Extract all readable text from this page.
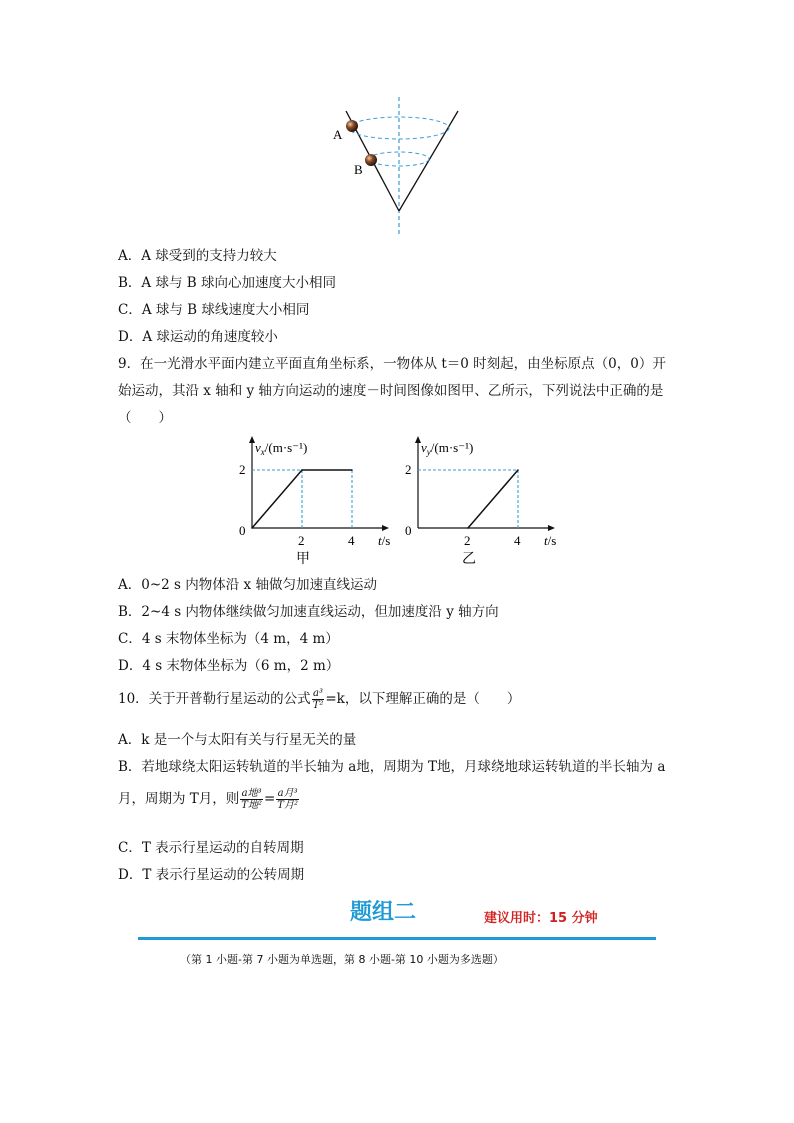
A
B
A．A 球受到的支持力较大
B．A 球与 B 球向心加速度大小相同
C．A 球与 B 球线速度大小相同
D．A 球运动的角速度较小
9．在一光滑水平面内建立平面直角坐标系，一物体从 t＝0 时刻起，由坐标原点（0，0）开
始运动，其沿 x 轴和 y 轴方向运动的速度－时间图像如图甲、乙所示，下列说法中正确的是
（　　）
$v_x/(m\cdot s^{-1})$
t/s
0
2	4
2
甲
$v_y/(m\cdot s^{-1})$
t/s
0
2	4
2
乙
A．0~2 s 内物体沿 x 轴做匀加速直线运动
B．2~4 s 内物体继续做匀加速直线运动，但加速度沿 y 轴方向
C．4 s 末物体坐标为（4 m，4 m）
D．4 s 末物体坐标为（6 m，2 m）
10．关于开普勒行星运动的公式 $\frac{\text{a³}}{\text{T²}} =k$，以下理解正确的是（　　）
A．k 是一个与太阳有关与行星无关的量
B．若地球绕太阳运转轨道的半长轴为 a地，周期为 T地，月球绕地球运转轨道的半长轴为 a
月，周期为 T月，则 $\frac{\text{a地³}}{\text{T地²}} = \frac{\text{a月³}}{\text{T月²}}$
C．T 表示行星运动的自转周期
D．T 表示行星运动的公转周期
题组二	建议用时：15 分钟
（第 1 小题-第 7 小题为单选题，第 8 小题-第 10 小题为多选题）
